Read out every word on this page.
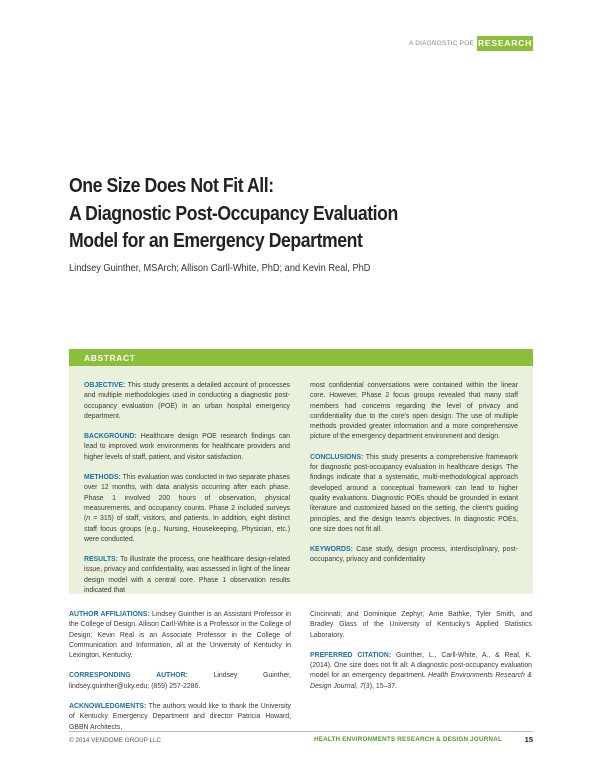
A DIAGNOSTIC POE RESEARCH
One Size Does Not Fit All:
A Diagnostic Post-Occupancy Evaluation
Model for an Emergency Department
Lindsey Guinther, MSArch; Allison Carll-White, PhD; and Kevin Real, PhD
ABSTRACT

OBJECTIVE: This study presents a detailed account of processes and multiple methodologies used in conducting a diagnostic post-occupancy evaluation (POE) in an urban hospital emergency department.

BACKGROUND: Healthcare design POE research findings can lead to improved work environments for healthcare providers and higher levels of staff, patient, and visitor satisfaction.

METHODS: This evaluation was conducted in two separate phases over 12 months, with data analysis occurring after each phase. Phase 1 involved 200 hours of observation, physical measurements, and occupancy counts. Phase 2 included surveys (n = 315) of staff, visitors, and patients. In addition, eight distinct staff focus groups (e.g., Nursing, Housekeeping, Physician, etc.) were conducted.

RESULTS: To illustrate the process, one healthcare design-related issue, privacy and confidentiality, was assessed in light of the linear design model with a central core. Phase 1 observation results indicated that

most confidential conversations were contained within the linear core. However, Phase 2 focus groups revealed that many staff members had concerns regarding the level of privacy and confidentiality due to the core's open design. The use of multiple methods provided greater information and a more comprehensive picture of the emergency department environment and design.

CONCLUSIONS: This study presents a comprehensive framework for diagnostic post-occupancy evaluation in healthcare design. The findings indicate that a systematic, multi-methodological approach developed around a conceptual framework can lead to higher quality evaluations. Diagnostic POEs should be grounded in extant literature and customized based on the setting, the client's guiding principles, and the design team's objectives. In diagnostic POEs, one size does not fit all.

KEYWORDS: Case study, design process, interdisciplinary, post-occupancy, privacy and confidentiality

AUTHOR AFFILIATIONS: Lindsey Guinther is an Assistant Professor in the College of Design. Allison Carll-White is a Professor in the College of Design; Kevin Real is an Associate Professor in the College of Communication and Information, all at the University of Kentucky in Lexington, Kentucky.

CORRESPONDING AUTHOR: Lindsey Guinther, lindsey.guinther@uky.edu; (859) 257-2286.

ACKNOWLEDGMENTS: The authors would like to thank the University of Kentucky Emergency Department and director Patricia Howard; GBBN Architects,

Cincinnati; and Dominique Zephyr, Arne Bathke, Tyler Smith, and Bradley Glass of the University of Kentucky's Applied Statistics Laboratory.

PREFERRED CITATION: Guinther, L., Carll-White, A., & Real, K. (2014). One size does not fit all: A diagnostic post-occupancy evaluation model for an emergency department. Health Environments Research & Design Journal, 7(3), 15–37.

© 2014 VENDOME GROUP LLC	HEALTH ENVIRONMENTS RESEARCH & DESIGN JOURNAL	15
